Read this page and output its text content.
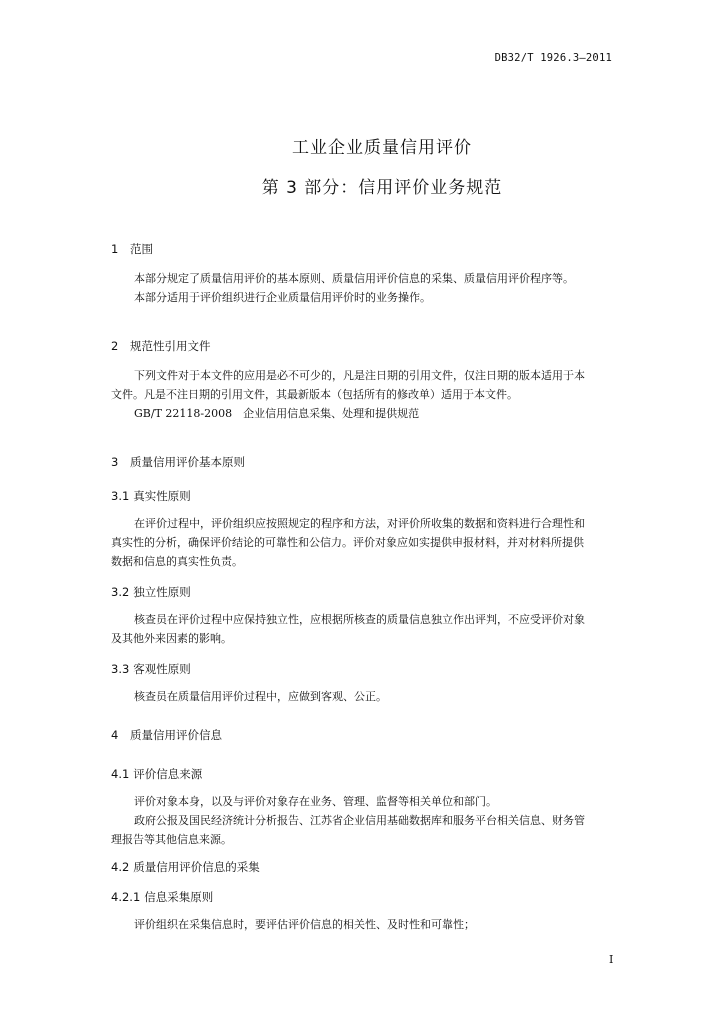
DB32/T 1926.3—2011
工业企业质量信用评价
第 3 部分：信用评价业务规范
1 范围
本部分规定了质量信用评价的基本原则、质量信用评价信息的采集、质量信用评价程序等。
本部分适用于评价组织进行企业质量信用评价时的业务操作。
2 规范性引用文件
下列文件对于本文件的应用是必不可少的，凡是注日期的引用文件，仅注日期的版本适用于本
文件。凡是不注日期的引用文件，其最新版本（包括所有的修改单）适用于本文件。
GB/T 22118-2008　企业信用信息采集、处理和提供规范
3 质量信用评价基本原则
3.1 真实性原则
在评价过程中，评价组织应按照规定的程序和方法，对评价所收集的数据和资料进行合理性和
真实性的分析，确保评价结论的可靠性和公信力。评价对象应如实提供申报材料，并对材料所提供
数据和信息的真实性负责。
3.2 独立性原则
核查员在评价过程中应保持独立性，应根据所核查的质量信息独立作出评判，不应受评价对象
及其他外来因素的影响。
3.3 客观性原则
核查员在质量信用评价过程中，应做到客观、公正。
4 质量信用评价信息
4.1 评价信息来源
评价对象本身，以及与评价对象存在业务、管理、监督等相关单位和部门。
政府公报及国民经济统计分析报告、江苏省企业信用基础数据库和服务平台相关信息、财务管
理报告等其他信息来源。
4.2 质量信用评价信息的采集
4.2.1 信息采集原则
评价组织在采集信息时，要评估评价信息的相关性、及时性和可靠性；
I
